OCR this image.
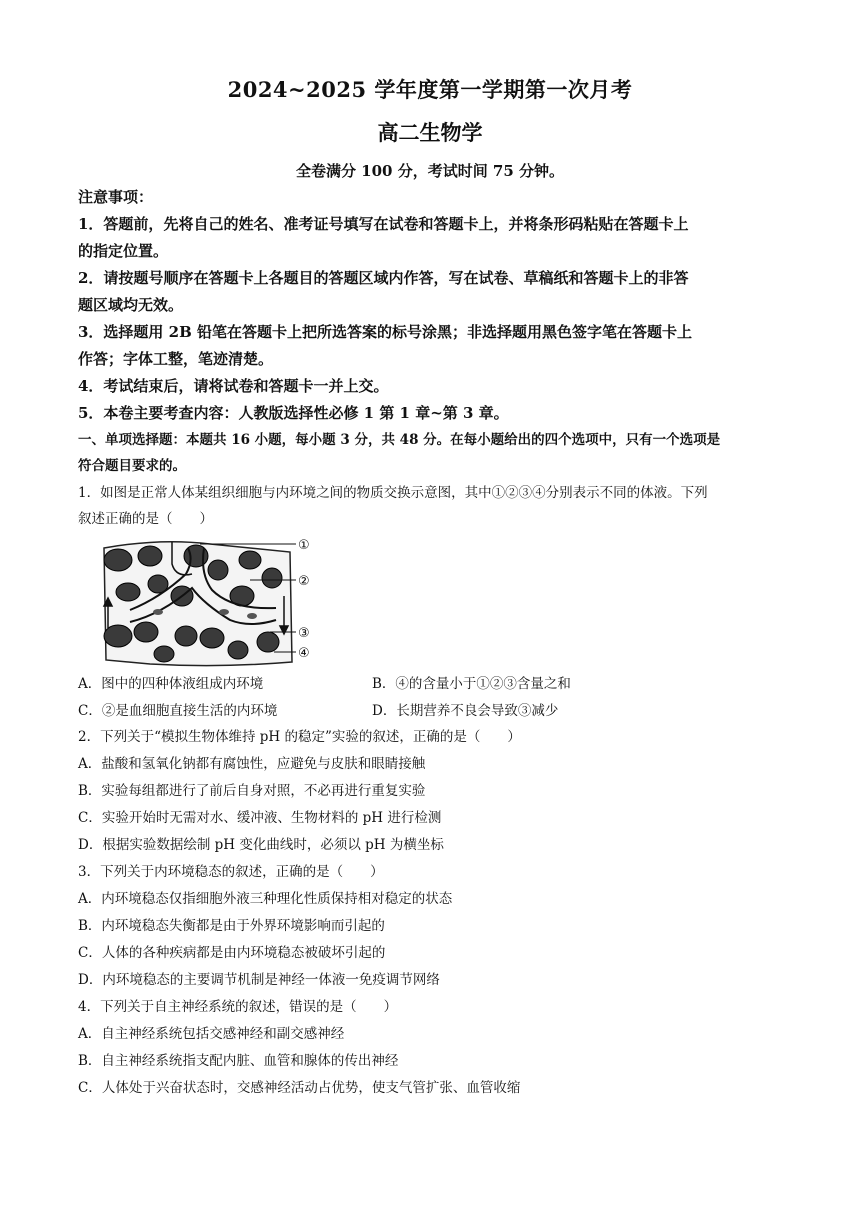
2024~2025 学年度第一学期第一次月考
高二生物学
全卷满分 100 分，考试时间 75 分钟。
注意事项：
1．答题前，先将自己的姓名、准考证号填写在试卷和答题卡上，并将条形码粘贴在答题卡上
的指定位置。
2．请按题号顺序在答题卡上各题目的答题区域内作答，写在试卷、草稿纸和答题卡上的非答
题区域均无效。
3．选择题用 2B 铅笔在答题卡上把所选答案的标号涂黑；非选择题用黑色签字笔在答题卡上
作答；字体工整，笔迹清楚。
4．考试结束后，请将试卷和答题卡一并上交。
5．本卷主要考查内容：人教版选择性必修 1 第 1 章~第 3 章。
一、单项选择题：本题共 16 小题，每小题 3 分，共 48 分。在每小题给出的四个选项中，只有一个选项是
符合题目要求的。
1．如图是正常人体某组织细胞与内环境之间的物质交换示意图，其中①②③④分别表示不同的体液。下列
叙述正确的是（　　）
①
②
③
④
A．图中的四种体液组成内环境	B．④的含量小于①②③含量之和
C．②是血细胞直接生活的内环境	D．长期营养不良会导致③减少
2．下列关于“模拟生物体维持 pH 的稳定”实验的叙述，正确的是（　　）
A．盐酸和氢氧化钠都有腐蚀性，应避免与皮肤和眼睛接触
B．实验每组都进行了前后自身对照，不必再进行重复实验
C．实验开始时无需对水、缓冲液、生物材料的 pH 进行检测
D．根据实验数据绘制 pH 变化曲线时，必须以 pH 为横坐标
3．下列关于内环境稳态的叙述，正确的是（　　）
A．内环境稳态仅指细胞外液三种理化性质保持相对稳定的状态
B．内环境稳态失衡都是由于外界环境影响而引起的
C．人体的各种疾病都是由内环境稳态被破坏引起的
D．内环境稳态的主要调节机制是神经一体液一免疫调节网络
4．下列关于自主神经系统的叙述，错误的是（　　）
A．自主神经系统包括交感神经和副交感神经
B．自主神经系统指支配内脏、血管和腺体的传出神经
C．人体处于兴奋状态时，交感神经活动占优势，使支气管扩张、血管收缩
